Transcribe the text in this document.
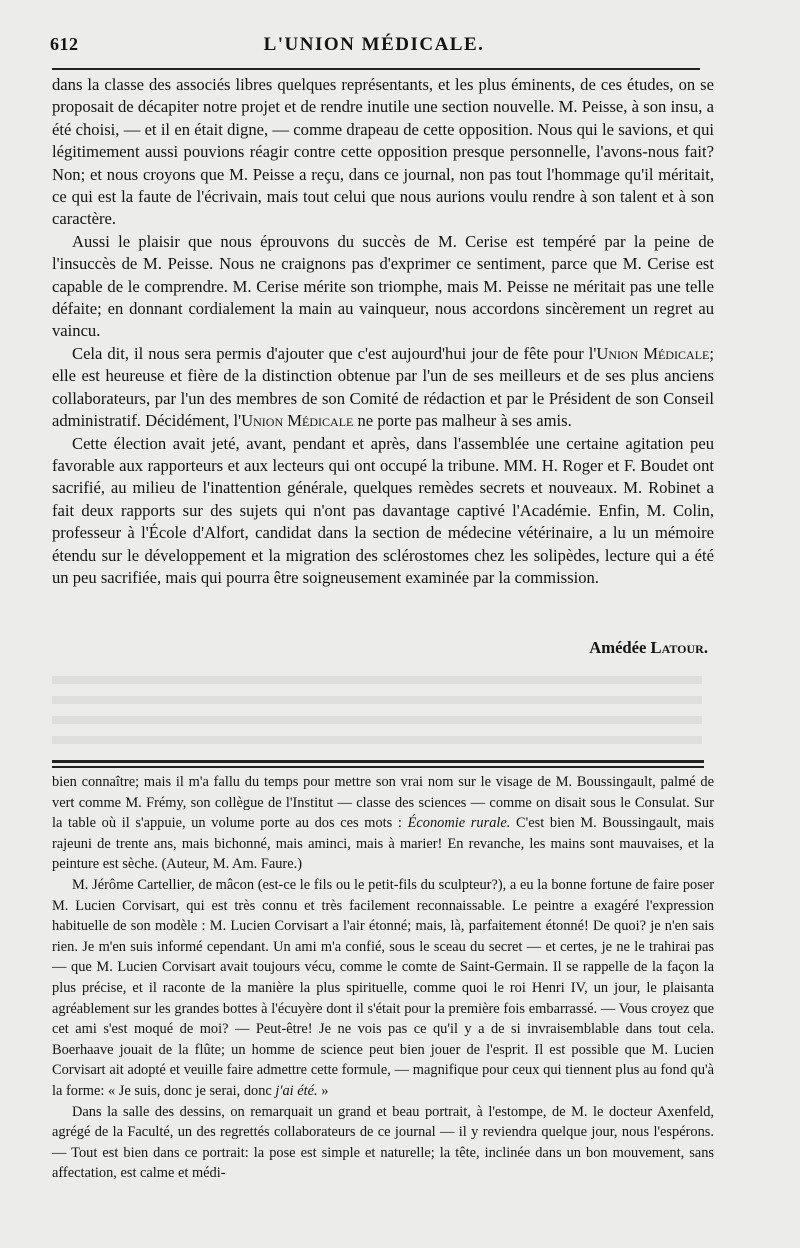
612	L'UNION MÉDICALE.

dans la classe des associés libres quelques représentants, et les plus éminents, de ces études, on se proposait de décapiter notre projet et de rendre inutile une section nouvelle. M. Peisse, à son insu, a été choisi, — et il en était digne, — comme drapeau de cette opposition. Nous qui le savions, et qui légitimement aussi pouvions réagir contre cette opposition presque personnelle, l'avons-nous fait? Non; et nous croyons que M. Peisse a reçu, dans ce journal, non pas tout l'hommage qu'il méritait, ce qui est la faute de l'écrivain, mais tout celui que nous aurions voulu rendre à son talent et à son caractère.

Aussi le plaisir que nous éprouvons du succès de M. Cerise est tempéré par la peine de l'insuccès de M. Peisse. Nous ne craignons pas d'exprimer ce sentiment, parce que M. Cerise est capable de le comprendre. M. Cerise mérite son triomphe, mais M. Peisse ne méritait pas une telle défaite; en donnant cordialement la main au vainqueur, nous accordons sincèrement un regret au vaincu.

Cela dit, il nous sera permis d'ajouter que c'est aujourd'hui jour de fête pour l'Union Médicale; elle est heureuse et fière de la distinction obtenue par l'un de ses meilleurs et de ses plus anciens collaborateurs, par l'un des membres de son Comité de rédaction et par le Président de son Conseil administratif. Décidément, l'Union Médicale ne porte pas malheur à ses amis.

Cette élection avait jeté, avant, pendant et après, dans l'assemblée une certaine agitation peu favorable aux rapporteurs et aux lecteurs qui ont occupé la tribune. MM. H. Roger et F. Boudet ont sacrifié, au milieu de l'inattention générale, quelques remèdes secrets et nouveaux. M. Robinet a fait deux rapports sur des sujets qui n'ont pas davantage captivé l'Académie. Enfin, M. Colin, professeur à l'École d'Alfort, candidat dans la section de médecine vétérinaire, a lu un mémoire étendu sur le développement et la migration des sclérostomes chez les solipèdes, lecture qui a été un peu sacrifiée, mais qui pourra être soigneusement examinée par la commission.

Amédée Latour.

bien connaître; mais il m'a fallu du temps pour mettre son vrai nom sur le visage de M. Boussingault, palmé de vert comme M. Frémy, son collègue de l'Institut — classe des sciences — comme on disait sous le Consulat. Sur la table où il s'appuie, un volume porte au dos ces mots : Économie rurale. C'est bien M. Boussingault, mais rajeuni de trente ans, mais bichonné, mais aminci, mais à marier! En revanche, les mains sont mauvaises, et la peinture est sèche. (Auteur, M. Am. Faure.)

M. Jérôme Cartellier, de mâcon (est-ce le fils ou le petit-fils du sculpteur?), a eu la bonne fortune de faire poser M. Lucien Corvisart, qui est très connu et très facilement reconnaissable. Le peintre a exagéré l'expression habituelle de son modèle : M. Lucien Corvisart a l'air étonné; mais, là, parfaitement étonné! De quoi? je n'en sais rien. Je m'en suis informé cependant. Un ami m'a confié, sous le sceau du secret — et certes, je ne le trahirai pas — que M. Lucien Corvisart avait toujours vécu, comme le comte de Saint-Germain. Il se rappelle de la façon la plus précise, et il raconte de la manière la plus spirituelle, comme quoi le roi Henri IV, un jour, le plaisanta agréablement sur les grandes bottes à l'écuyère dont il s'était pour la première fois embarrassé. — Vous croyez que cet ami s'est moqué de moi? — Peut-être! Je ne vois pas ce qu'il y a de si invraisemblable dans tout cela. Boerhaave jouait de la flûte; un homme de science peut bien jouer de l'esprit. Il est possible que M. Lucien Corvisart ait adopté et veuille faire admettre cette formule, — magnifique pour ceux qui tiennent plus au fond qu'à la forme: « Je suis, donc je serai, donc j'ai été. »

Dans la salle des dessins, on remarquait un grand et beau portrait, à l'estompe, de M. le docteur Axenfeld, agrégé de la Faculté, un des regrettés collaborateurs de ce journal — il y reviendra quelque jour, nous l'espérons. — Tout est bien dans ce portrait: la pose est simple et naturelle; la tête, inclinée dans un bon mouvement, sans affectation, est calme et médi-
